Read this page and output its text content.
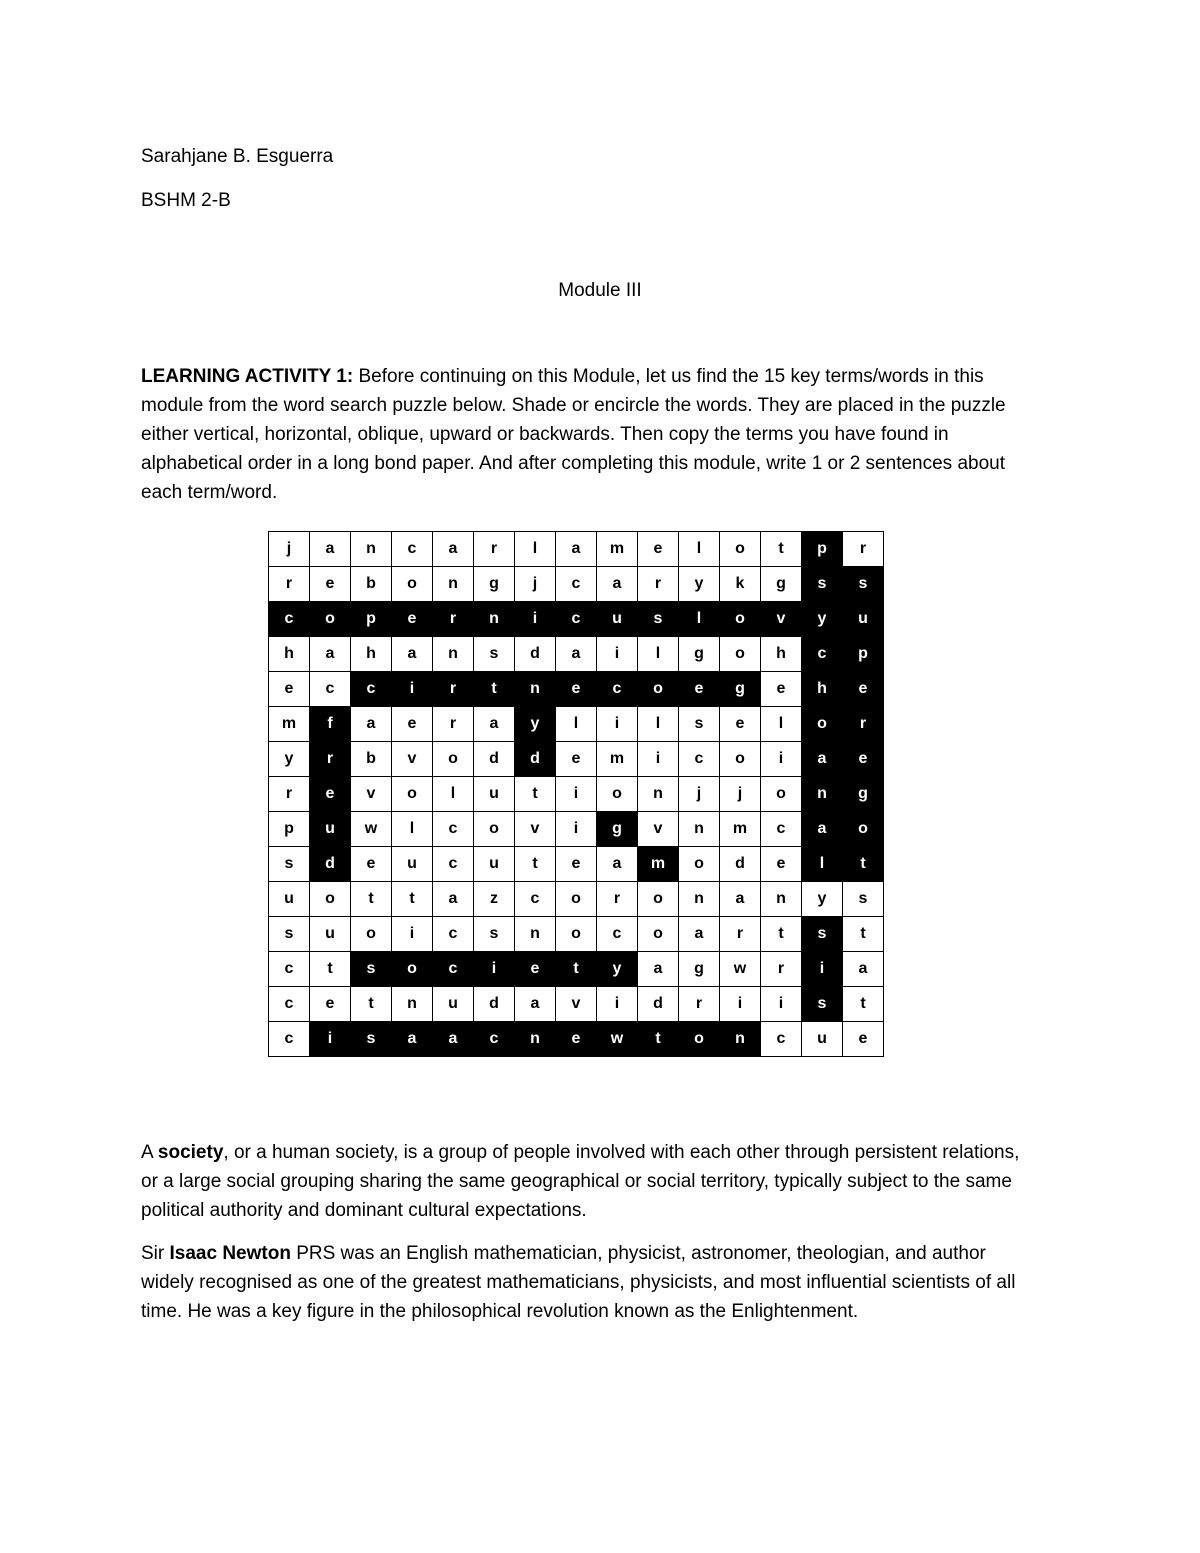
Sarahjane B. Esguerra
BSHM 2-B
Module III
LEARNING ACTIVITY 1: Before continuing on this Module, let us find the 15 key terms/words in this
module from the word search puzzle below. Shade or encircle the words. They are placed in the puzzle
either vertical, horizontal, oblique, upward or backwards. Then copy the terms you have found in
alphabetical order in a long bond paper. And after completing this module, write 1 or 2 sentences about
each term/word.
j	a	n	c	a	r	l	a	m	e	l	o	t	p	r
r	e	b	o	n	g	j	c	a	r	y	k	g	s	s
c	o	p	e	r	n	i	c	u	s	l	o	v	y	u
h	a	h	a	n	s	d	a	i	l	g	o	h	c	p
e	c	c	i	r	t	n	e	c	o	e	g	e	h	e
m	f	a	e	r	a	y	l	i	l	s	e	l	o	r
y	r	b	v	o	d	d	e	m	i	c	o	i	a	e
r	e	v	o	l	u	t	i	o	n	j	j	o	n	g
p	u	w	l	c	o	v	i	g	v	n	m	c	a	o
s	d	e	u	c	u	t	e	a	m	o	d	e	l	t
u	o	t	t	a	z	c	o	r	o	n	a	n	y	s
s	u	o	i	c	s	n	o	c	o	a	r	t	s	t
c	t	s	o	c	i	e	t	y	a	g	w	r	i	a
c	e	t	n	u	d	a	v	i	d	r	i	i	s	t
c	i	s	a	a	c	n	e	w	t	o	n	c	u	e
A society, or a human society, is a group of people involved with each other through persistent relations,
or a large social grouping sharing the same geographical or social territory, typically subject to the same
political authority and dominant cultural expectations.
Sir Isaac Newton PRS was an English mathematician, physicist, astronomer, theologian, and author
widely recognised as one of the greatest mathematicians, physicists, and most influential scientists of all
time. He was a key figure in the philosophical revolution known as the Enlightenment.
